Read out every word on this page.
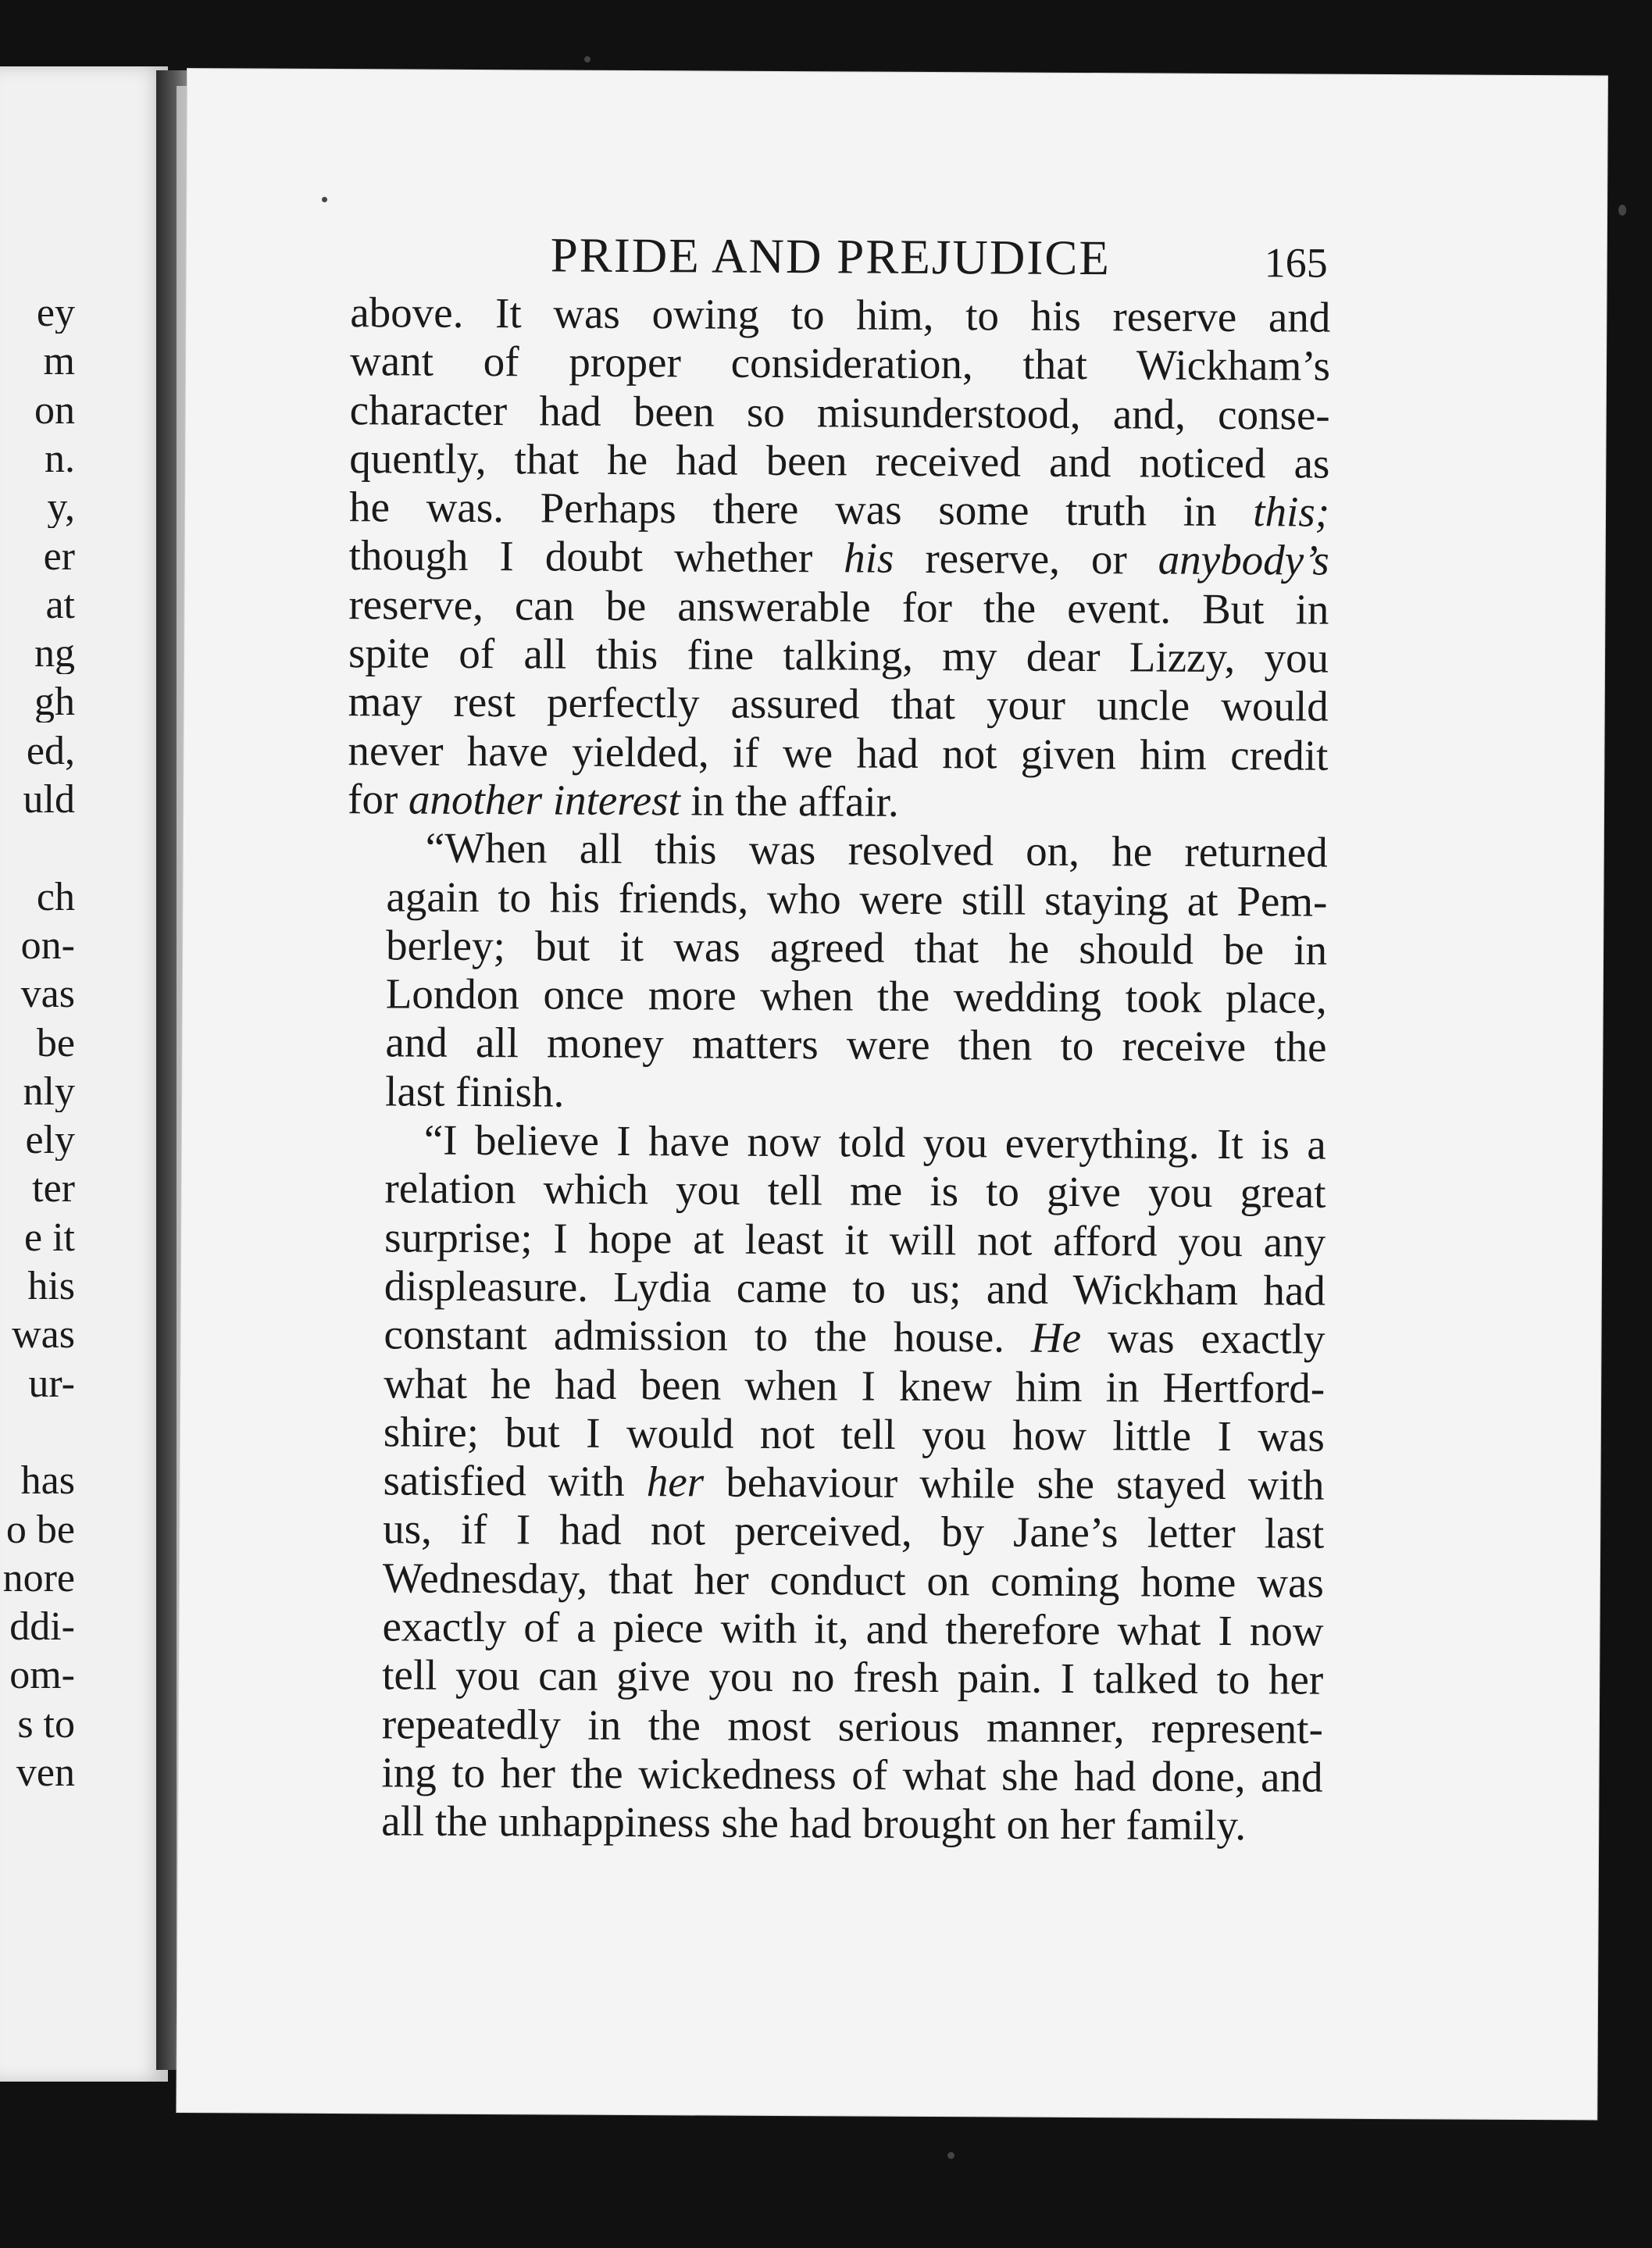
ey
m
on
n.
y,
er
at
ng
gh
ed,
uld
ch
on-
vas
be
nly
ely
ter
e it
his
was
ur-
has
o be
nore
ddi-
om-
s to
ven
PRIDE AND PREJUDICE	165

above. It was owing to him, to his reserve and
want of proper consideration, that Wickham’s
character had been so misunderstood, and, conse-
quently, that he had been received and noticed as
he was. Perhaps there was some truth in this;
though I doubt whether his reserve, or anybody’s
reserve, can be answerable for the event. But in
spite of all this fine talking, my dear Lizzy, you
may rest perfectly assured that your uncle would
never have yielded, if we had not given him credit
for another interest in the affair.

“When all this was resolved on, he returned
again to his friends, who were still staying at Pem-
berley; but it was agreed that he should be in
London once more when the wedding took place,
and all money matters were then to receive the
last finish.

“I believe I have now told you everything. It is a
relation which you tell me is to give you great
surprise; I hope at least it will not afford you any
displeasure. Lydia came to us; and Wickham had
constant admission to the house. He was exactly
what he had been when I knew him in Hertford-
shire; but I would not tell you how little I was
satisfied with her behaviour while she stayed with
us, if I had not perceived, by Jane’s letter last
Wednesday, that her conduct on coming home was
exactly of a piece with it, and therefore what I now
tell you can give you no fresh pain. I talked to her
repeatedly in the most serious manner, represent-
ing to her the wickedness of what she had done, and
all the unhappiness she had brought on her family.
